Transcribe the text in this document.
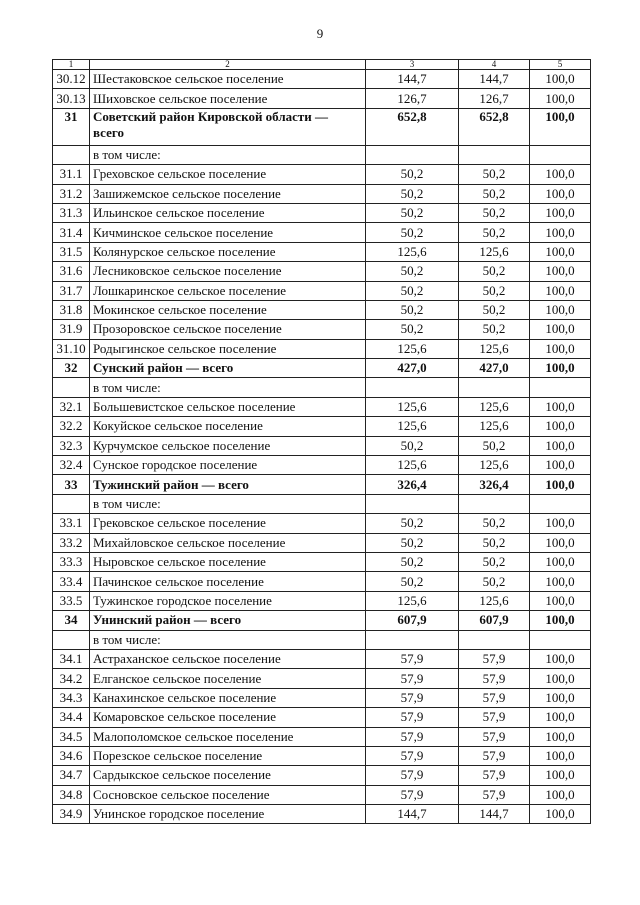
9
1	2	3	4	5
30.12	Шестаковское сельское поселение	144,7	144,7	100,0
30.13	Шиховское сельское поселение	126,7	126,7	100,0
31	Советский район Кировской области — всего	652,8	652,8	100,0
	в том числе:			
31.1	Греховское сельское поселение	50,2	50,2	100,0
31.2	Зашижемское сельское поселение	50,2	50,2	100,0
31.3	Ильинское сельское поселение	50,2	50,2	100,0
31.4	Кичминское сельское поселение	50,2	50,2	100,0
31.5	Колянурское сельское поселение	125,6	125,6	100,0
31.6	Лесниковское сельское поселение	50,2	50,2	100,0
31.7	Лошкаринское сельское поселение	50,2	50,2	100,0
31.8	Мокинское сельское поселение	50,2	50,2	100,0
31.9	Прозоровское сельское поселение	50,2	50,2	100,0
31.10	Родыгинское сельское поселение	125,6	125,6	100,0
32	Сунский район — всего	427,0	427,0	100,0
	в том числе:			
32.1	Большевистское сельское поселение	125,6	125,6	100,0
32.2	Кокуйское сельское поселение	125,6	125,6	100,0
32.3	Курчумское сельское поселение	50,2	50,2	100,0
32.4	Сунское городское поселение	125,6	125,6	100,0
33	Тужинский район — всего	326,4	326,4	100,0
	в том числе:			
33.1	Грековское сельское поселение	50,2	50,2	100,0
33.2	Михайловское сельское поселение	50,2	50,2	100,0
33.3	Ныровское сельское поселение	50,2	50,2	100,0
33.4	Пачинское сельское поселение	50,2	50,2	100,0
33.5	Тужинское городское поселение	125,6	125,6	100,0
34	Унинский район — всего	607,9	607,9	100,0
	в том числе:			
34.1	Астраханское сельское поселение	57,9	57,9	100,0
34.2	Елганское сельское поселение	57,9	57,9	100,0
34.3	Канахинское сельское поселение	57,9	57,9	100,0
34.4	Комаровское сельское поселение	57,9	57,9	100,0
34.5	Малополомское сельское поселение	57,9	57,9	100,0
34.6	Порезское сельское поселение	57,9	57,9	100,0
34.7	Сардыкское сельское поселение	57,9	57,9	100,0
34.8	Сосновское сельское поселение	57,9	57,9	100,0
34.9	Унинское городское поселение	144,7	144,7	100,0
